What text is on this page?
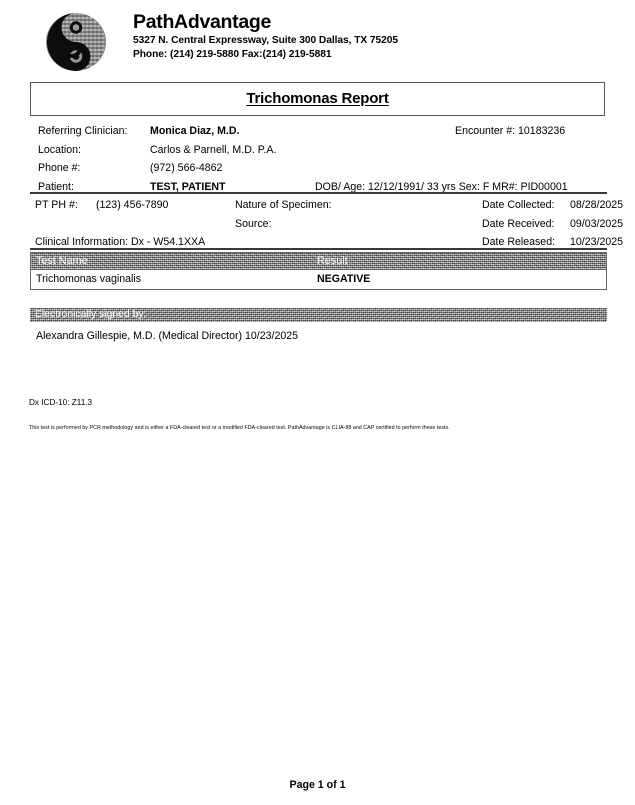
PathAdvantage
5327 N. Central Expressway, Suite 300 Dallas, TX 75205
Phone: (214) 219-5880 Fax:(214) 219-5881
Trichomonas Report
Referring Clinician: Monica Diaz, M.D.	Encounter #: 10183236
Location:	Carlos & Parnell, M.D. P.A.
Phone #:	(972) 566-4862
Patient:	TEST, PATIENT	DOB/ Age: 12/12/1991/ 33 yrs Sex: F MR#: PID00001
PT PH #: (123) 456-7890	Nature of Specimen:	Date Collected: 08/28/2025
Source:	Date Received: 09/03/2025
Clinical Information: Dx - W54.1XXA	Date Released: 10/23/2025
Test Name	Result
Trichomonas vaginalis	NEGATIVE
Electronically signed by:
Alexandra Gillespie, M.D. (Medical Director) 10/23/2025
Dx ICD-10: Z11.3
This test is performed by PCR methodology and is either a FDA-cleared test or a modified FDA-cleared test. PathAdvantage is CLIA-88 and CAP certified to perform these tests.
Page 1 of 1
